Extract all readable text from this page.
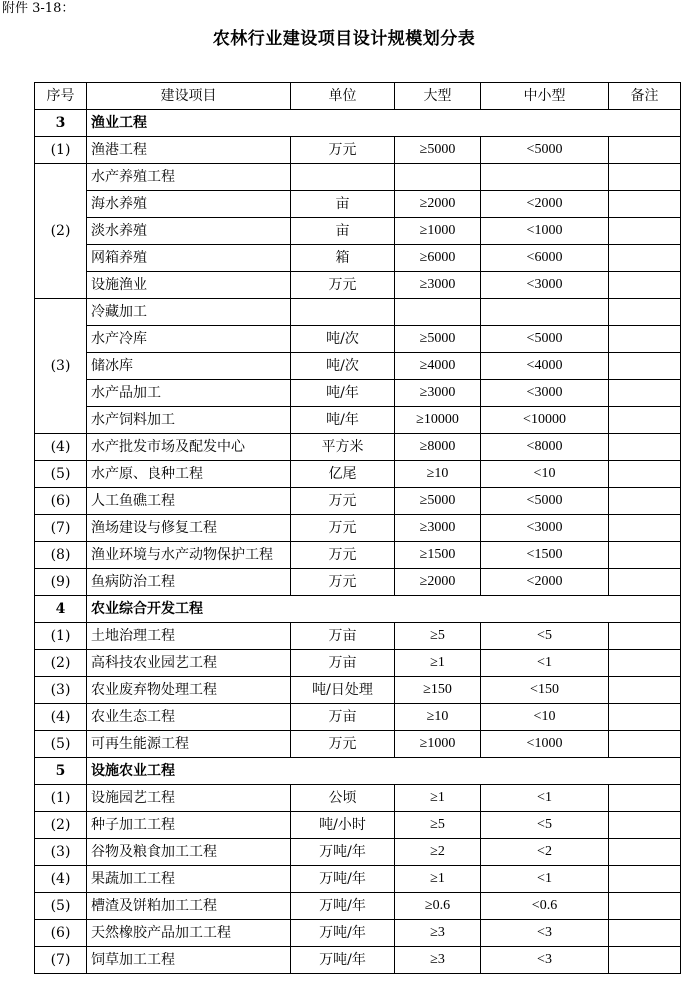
附件 3-18：
农林行业建设项目设计规模划分表
序号	建设项目	单位	大型	中小型	备注
3	渔业工程				
(1)	渔港工程	万元	≥5000	<5000	
(2)	水产养殖工程				
	海水养殖	亩	≥2000	<2000	
	淡水养殖	亩	≥1000	<1000	
	网箱养殖	箱	≥6000	<6000	
	设施渔业	万元	≥3000	<3000	
(3)	冷藏加工				
	水产冷库	吨/次	≥5000	<5000	
	储冰库	吨/次	≥4000	<4000	
	水产品加工	吨/年	≥3000	<3000	
	水产饲料加工	吨/年	≥10000	<10000	
(4)	水产批发市场及配发中心	平方米	≥8000	<8000	
(5)	水产原、良种工程	亿尾	≥10	<10	
(6)	人工鱼礁工程	万元	≥5000	<5000	
(7)	渔场建设与修复工程	万元	≥3000	<3000	
(8)	渔业环境与水产动物保护工程	万元	≥1500	<1500	
(9)	鱼病防治工程	万元	≥2000	<2000	
4	农业综合开发工程				
(1)	土地治理工程	万亩	≥5	<5	
(2)	高科技农业园艺工程	万亩	≥1	<1	
(3)	农业废弃物处理工程	吨/日处理	≥150	<150	
(4)	农业生态工程	万亩	≥10	<10	
(5)	可再生能源工程	万元	≥1000	<1000	
5	设施农业工程				
(1)	设施园艺工程	公顷	≥1	<1	
(2)	种子加工工程	吨/小时	≥5	<5	
(3)	谷物及粮食加工工程	万吨/年	≥2	<2	
(4)	果蔬加工工程	万吨/年	≥1	<1	
(5)	槽渣及饼粕加工工程	万吨/年	≥0.6	<0.6	
(6)	天然橡胶产品加工工程	万吨/年	≥3	<3	
(7)	饲草加工工程	万吨/年	≥3	<3	
